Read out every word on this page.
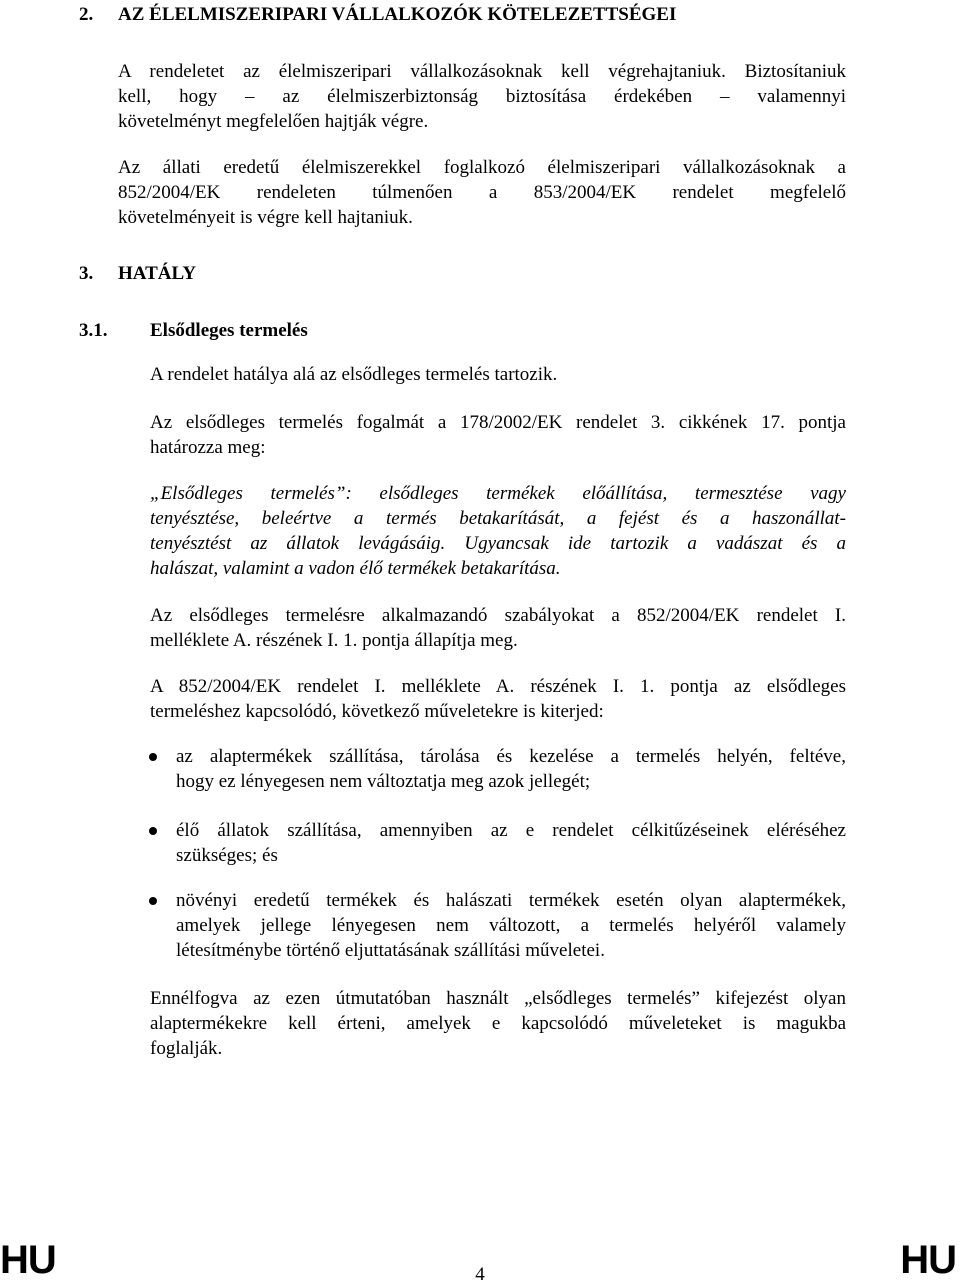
2. AZ ÉLELMISZERIPARI VÁLLALKOZÓK KÖTELEZETTSÉGEI
A rendeletet az élelmiszeripari vállalkozásoknak kell végrehajtaniuk. Biztosítaniuk
kell, hogy – az élelmiszerbiztonság biztosítása érdekében – valamennyi
követelményt megfelelően hajtják végre.
Az állati eredetű élelmiszerekkel foglalkozó élelmiszeripari vállalkozásoknak a
852/2004/EK rendeleten túlmenően a 853/2004/EK rendelet megfelelő
követelményeit is végre kell hajtaniuk.
3. HATÁLY
3.1. Elsődleges termelés
A rendelet hatálya alá az elsődleges termelés tartozik.
Az elsődleges termelés fogalmát a 178/2002/EK rendelet 3. cikkének 17. pontja
határozza meg:
„Elsődleges termelés”: elsődleges termékek előállítása, termesztése vagy
tenyésztése, beleértve a termés betakarítását, a fejést és a haszonállat-
tenyésztést az állatok levágásáig. Ugyancsak ide tartozik a vadászat és a
halászat, valamint a vadon élő termékek betakarítása.
Az elsődleges termelésre alkalmazandó szabályokat a 852/2004/EK rendelet I.
melléklete A. részének I. 1. pontja állapítja meg.
A 852/2004/EK rendelet I. melléklete A. részének I. 1. pontja az elsődleges
termeléshez kapcsolódó, következő műveletekre is kiterjed:
az alaptermékek szállítása, tárolása és kezelése a termelés helyén, feltéve,
hogy ez lényegesen nem változtatja meg azok jellegét;
élő állatok szállítása, amennyiben az e rendelet célkitűzéseinek eléréséhez
szükséges; és
növényi eredetű termékek és halászati termékek esetén olyan alaptermékek,
amelyek jellege lényegesen nem változott, a termelés helyéről valamely
létesítménybe történő eljuttatásának szállítási műveletei.
Ennélfogva az ezen útmutatóban használt „elsődleges termelés” kifejezést olyan
alaptermékekre kell érteni, amelyek e kapcsolódó műveleteket is magukba
foglalják.
HU	4	HU
